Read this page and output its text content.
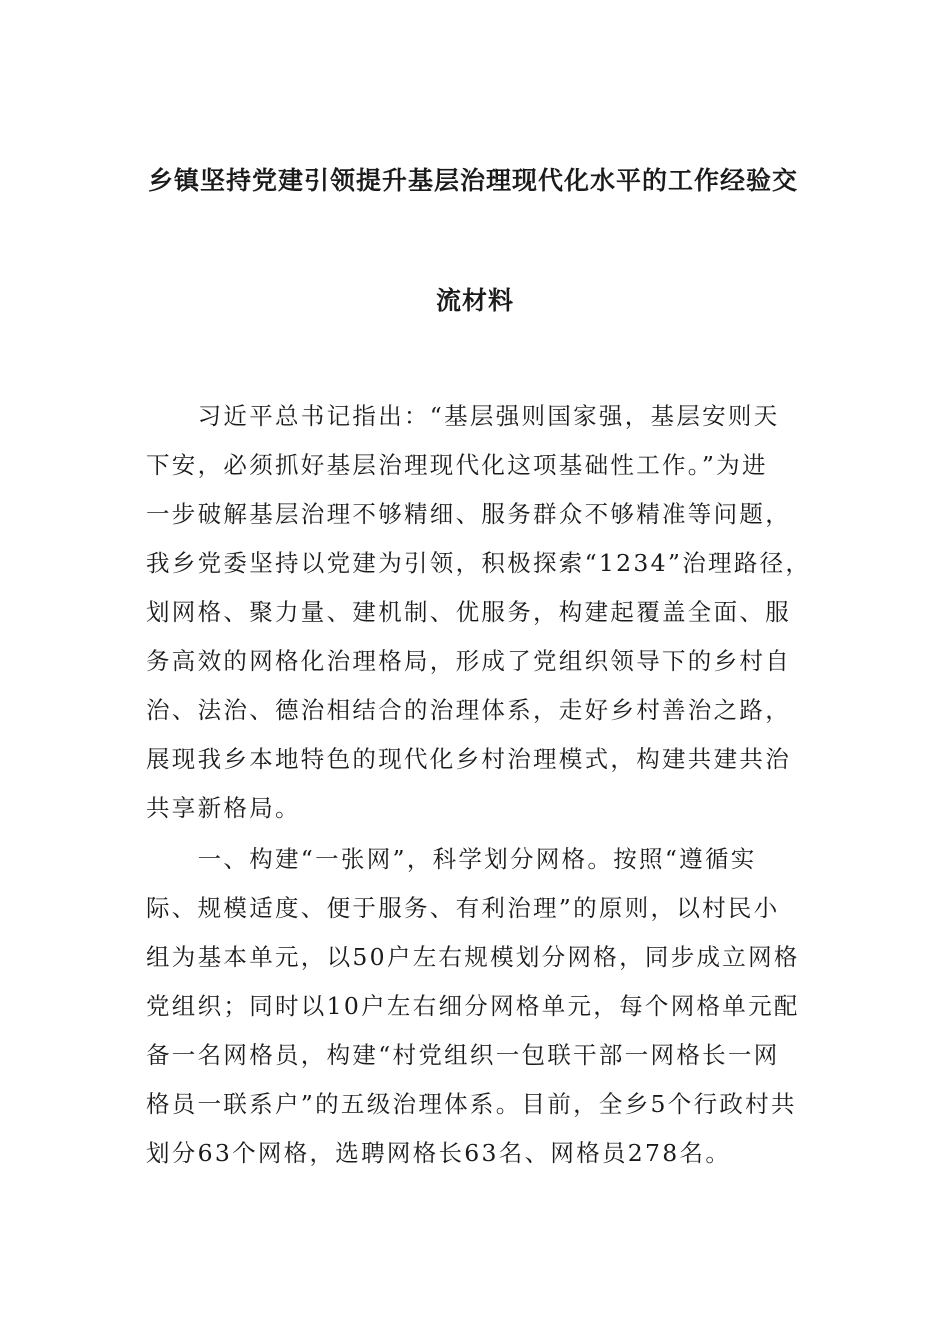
乡镇坚持党建引领提升基层治理现代化水平的工作经验交
流材料
　　习近平总书记指出：“基层强则国家强，基层安则天
下安，必须抓好基层治理现代化这项基础性工作。”为进
一步破解基层治理不够精细、服务群众不够精准等问题，
我乡党委坚持以党建为引领，积极探索“1234”治理路径，
划网格、聚力量、建机制、优服务，构建起覆盖全面、服
务高效的网格化治理格局，形成了党组织领导下的乡村自
治、法治、德治相结合的治理体系，走好乡村善治之路，
展现我乡本地特色的现代化乡村治理模式，构建共建共治
共享新格局。
　　一、构建“一张网”，科学划分网格。按照“遵循实
际、规模适度、便于服务、有利治理”的原则，以村民小
组为基本单元，以50户左右规模划分网格，同步成立网格
党组织；同时以10户左右细分网格单元，每个网格单元配
备一名网格员，构建“村党组织一包联干部一网格长一网
格员一联系户”的五级治理体系。目前，全乡5个行政村共
划分63个网格，选聘网格长63名、网格员278名。
